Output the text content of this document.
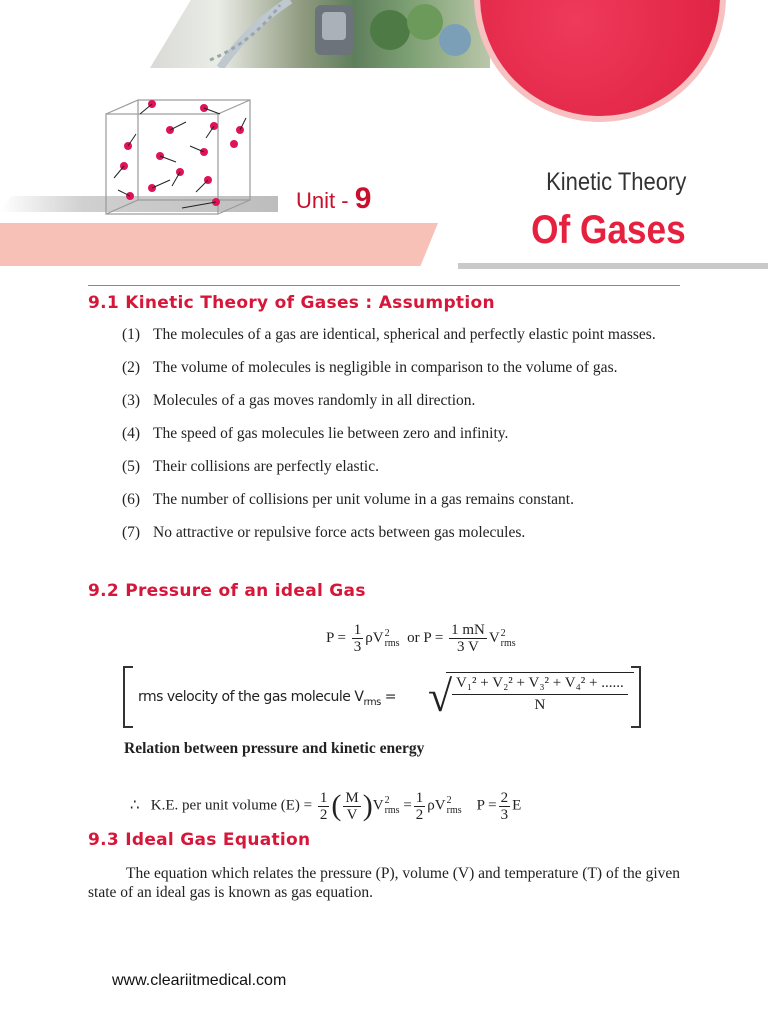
Unit - 9	Kinetic Theory
Of Gases
9.1 Kinetic Theory of Gases : Assumption
(1) The molecules of a gas are identical, spherical and perfectly elastic point masses.
(2) The volume of molecules is negligible in comparison to the volume of gas.
(3) Molecules of a gas moves randomly in all direction.
(4) The speed of gas molecules lie between zero and infinity.
(5) Their collisions are perfectly elastic.
(6) The number of collisions per unit volume in a gas remains constant.
(7) No attractive or repulsive force acts between gas molecules.
9.2 Pressure of an ideal Gas
$P = \frac{1}{3}$ ρV 2
rms or $P = \frac{1 mN}{3 V}$ V 2
rms
rms velocity of the gas molecule $V_{rms}$ = √
$\frac{\text{V₁² + V₂² + V₃² + V₄² + ......}}{N}$
Relation between pressure and kinetic energy
∴ K.E. per unit volume $(E) = \frac{1}{2}$ ( $\frac{M}{V} )V$ 2
rms = $\frac{1}{2}$ ρV 2
rms $P = \frac{2}{3}$ E
9.3 Ideal Gas Equation
The equation which relates the pressure (P), volume (V) and temperature (T) of the given state of an ideal gas is known as gas equation.
www.cleariitmedical.com
